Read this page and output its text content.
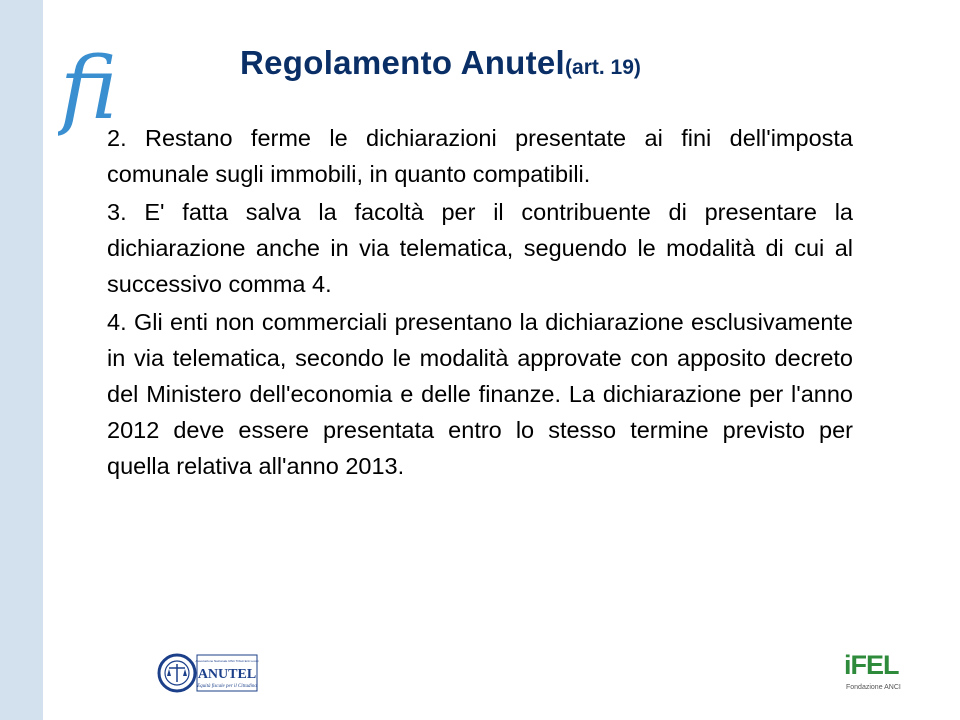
fi	Regolamento Anutel(art. 19)

2. Restano ferme le dichiarazioni presentate ai fini dell'imposta comunale sugli immobili, in quanto compatibili.

3. E' fatta salva la facoltà per il contribuente di presentare la dichiarazione anche in via telematica, seguendo le modalità di cui al successivo comma 4.

4. Gli enti non commerciali presentano la dichiarazione esclusivamente in via telematica, secondo le modalità approvate con apposito decreto del Ministero dell'economia e delle finanze. La dichiarazione per l'anno 2012 deve essere presentata entro lo stesso termine previsto per quella relativa all'anno 2013.

Associazione Nazionale Uffici Tributi Enti Locali
ANUTEL
Equità fiscale per il Cittadino
iFEL
Fondazione ANCI
